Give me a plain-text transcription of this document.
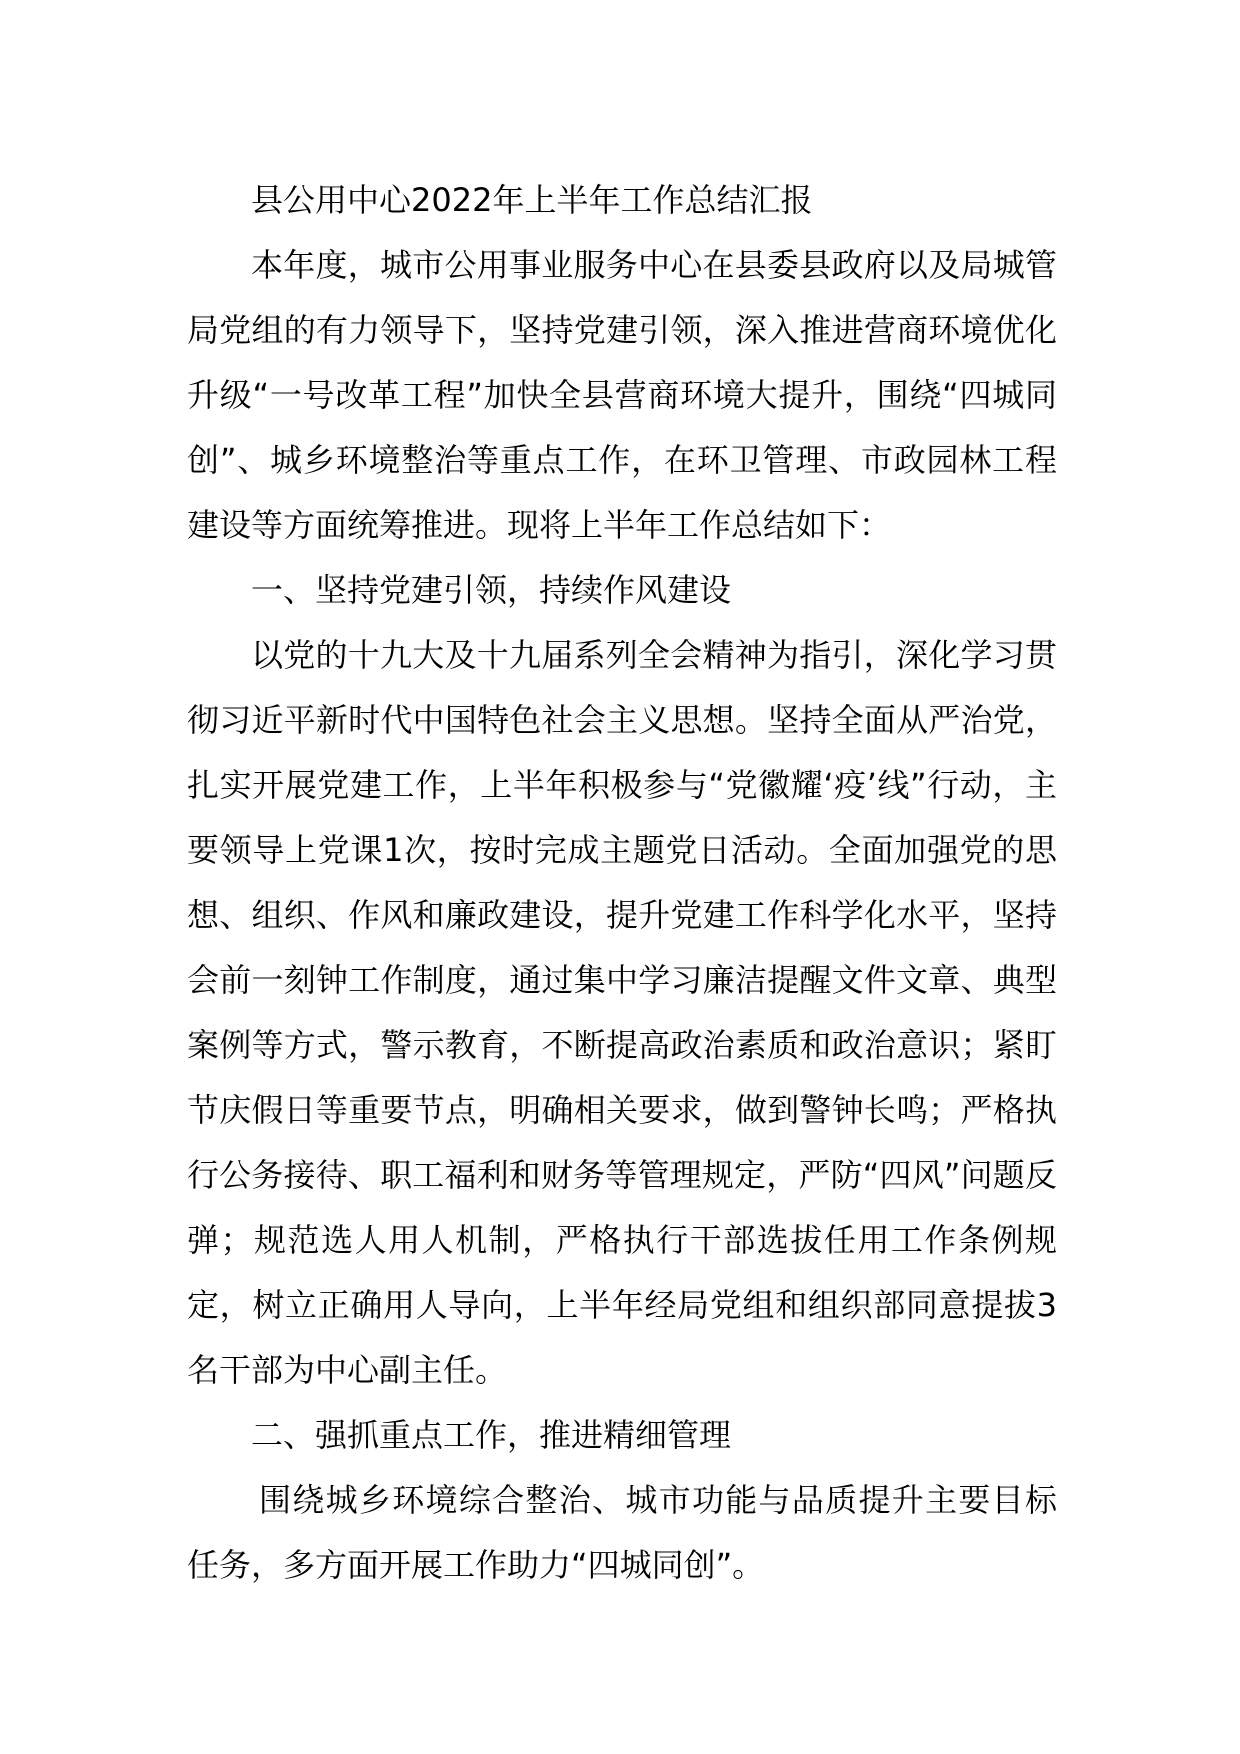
县公用中心2022年上半年工作总结汇报

本年度，城市公用事业服务中心在县委县政府以及局城管局党组的有力领导下，坚持党建引领，深入推进营商环境优化升级“一号改革工程”加快全县营商环境大提升，围绕“四城同创”、城乡环境整治等重点工作，在环卫管理、市政园林工程建设等方面统筹推进。现将上半年工作总结如下：

一、坚持党建引领，持续作风建设

以党的十九大及十九届系列全会精神为指引，深化学习贯彻习近平新时代中国特色社会主义思想。坚持全面从严治党，扎实开展党建工作，上半年积极参与“党徽耀‘疫’线”行动，主要领导上党课1次，按时完成主题党日活动。全面加强党的思想、组织、作风和廉政建设，提升党建工作科学化水平，坚持会前一刻钟工作制度，通过集中学习廉洁提醒文件文章、典型案例等方式，警示教育，不断提高政治素质和政治意识；紧盯节庆假日等重要节点，明确相关要求，做到警钟长鸣；严格执行公务接待、职工福利和财务等管理规定，严防“四风”问题反弹；规范选人用人机制，严格执行干部选拔任用工作条例规定，树立正确用人导向，上半年经局党组和组织部同意提拔3名干部为中心副主任。

二、强抓重点工作，推进精细管理

围绕城乡环境综合整治、城市功能与品质提升主要目标任务，多方面开展工作助力“四城同创”。
